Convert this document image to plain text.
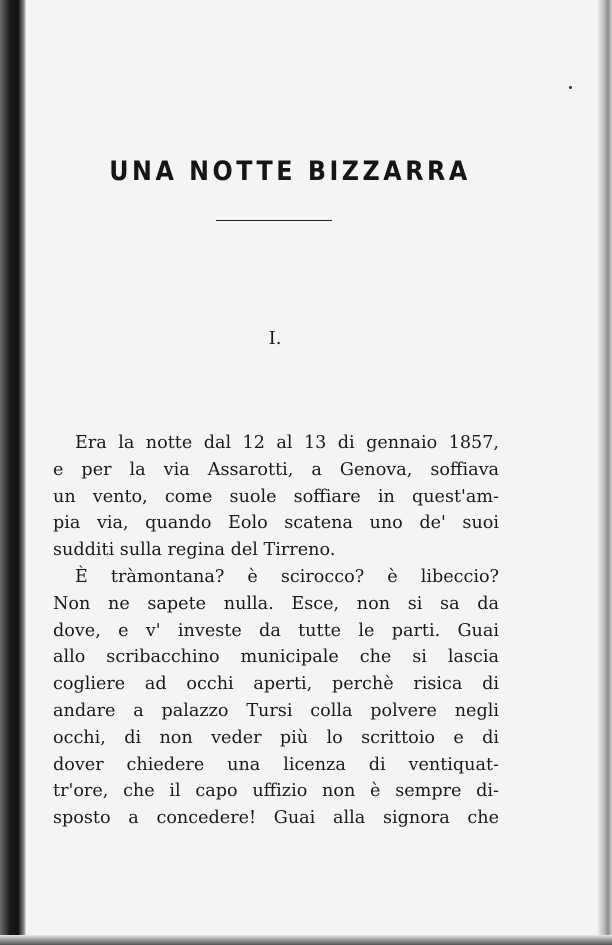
UNA NOTTE BIZZARRA
I.
Era la notte dal 12 al 13 di gennaio 1857,
e per la via Assarotti, a Genova, soffiava
un vento, come suole soffiare in quest'am-
pia via, quando Eolo scatena uno de' suoi
sudditi sulla regina del Tirreno.
È tràmontana? è scirocco? è libeccio?
Non ne sapete nulla. Esce, non si sa da
dove, e v' investe da tutte le parti. Guai
allo scribacchino municipale che si lascia
cogliere ad occhi aperti, perchè risica di
andare a palazzo Tursi colla polvere negli
occhi, di non veder più lo scrittoio e di
dover chiedere una licenza di ventiquat-
tr'ore, che il capo uffizio non è sempre di-
sposto a concedere! Guai alla signora che
